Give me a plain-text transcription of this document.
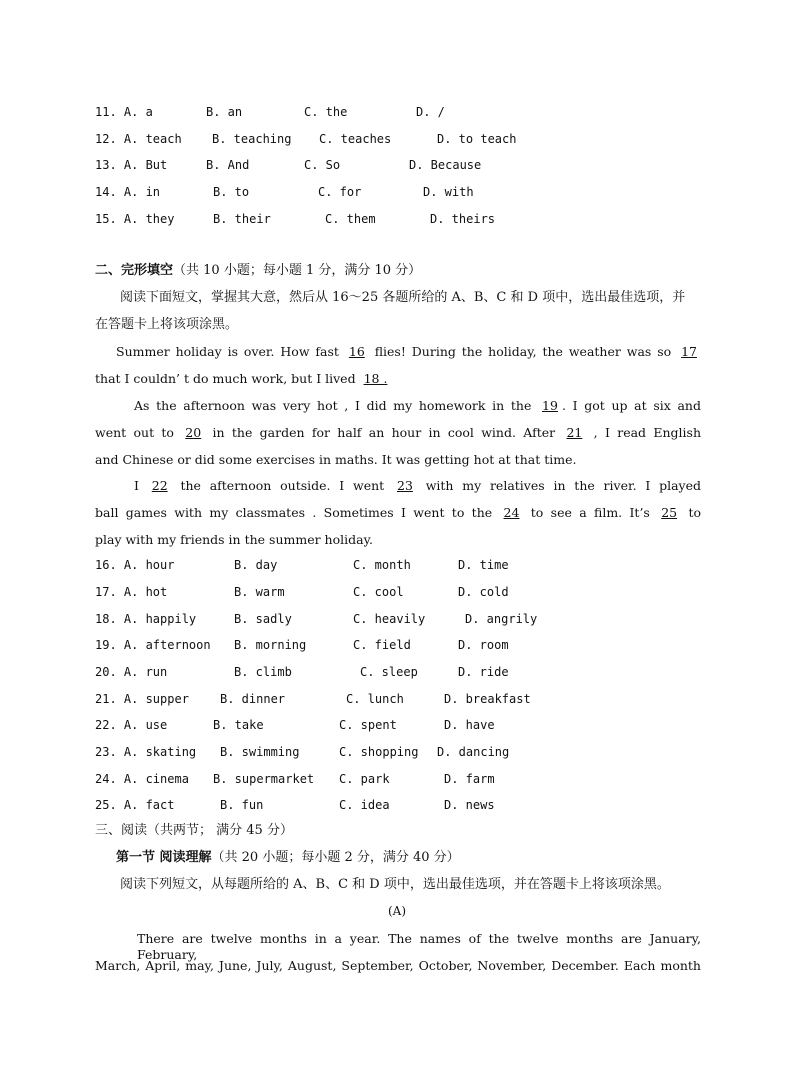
11. A. a	B. an	C. the	D. /
12. A. teach	B. teaching C. teaches	D. to teach
13. A. But	B. And	C. So	D. Because
14. A. in	B. to	C. for	D. with
15. A. they	B. their	C. them	D. theirs
二、完形填空（共 10 小题；每小题 1 分，满分 10 分）
阅读下面短文，掌握其大意，然后从 16～25 各题所给的 A、B、C 和 D 项中，选出最佳选项，并
在答题卡上将该项涂黑。
Summer holiday is over. How fast 16 flies! During the holiday, the weather was so 17
that I couldn’ t do much work, but I lived 18 .
As the afternoon was very hot , I did my homework in the 19 . I got up at six and
went out to 20 in the garden for half an hour in cool wind. After 21 , I read English
and Chinese or did some exercises in maths. It was getting hot at that time.
I 22 the afternoon outside. I went 23 with my relatives in the river. I played
ball games with my classmates . Sometimes I went to the 24 to see a film. It’s 25 to
play with my friends in the summer holiday.
16. A. hour	B. day	C. month	D. time
17. A. hot	B. warm	C. cool	D. cold
18. A. happily	B. sadly	C. heavily	D. angrily
19. A. afternoon B. morning	C. field	D. room
20. A. run	B. climb	C. sleep	D. ride
21. A. supper	B. dinner	C. lunch	D. breakfast
22. A. use	B. take	C. spent	D. have
23. A. skating B. swimming	C. shopping D. dancing
24. A. cinema B. supermarket C. park	D. farm
25. A. fact	B. fun	C. idea	D. news
三、阅读（共两节； 满分 45 分）
第一节 阅读理解（共 20 小题；每小题 2 分，满分 40 分）
阅读下列短文，从每题所给的 A、B、C 和 D 项中，选出最佳选项，并在答题卡上将该项涂黑。
(A)
There are twelve months in a year. The names of the twelve months are January, February,
March, April, may, June, July, August, September, October, November, December. Each month
